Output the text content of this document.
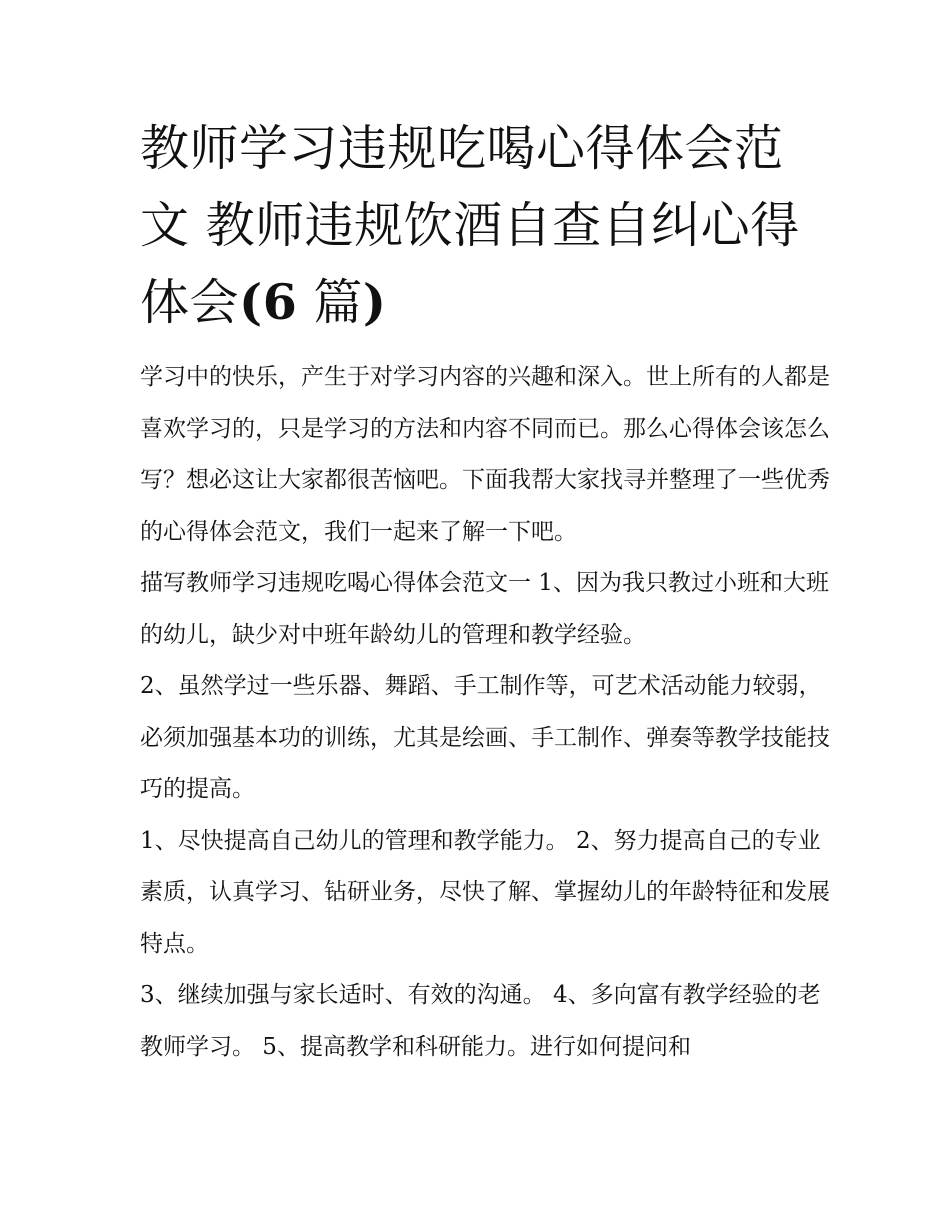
教师学习违规吃喝心得体会范
文 教师违规饮酒自查自纠心得
体会(6 篇)

学习中的快乐，产生于对学习内容的兴趣和深入。世上所有的人都是喜欢学习的，只是学习的方法和内容不同而已。那么心得体会该怎么写？想必这让大家都很苦恼吧。下面我帮大家找寻并整理了一些优秀的心得体会范文，我们一起来了解一下吧。

描写教师学习违规吃喝心得体会范文一 1、因为我只教过小班和大班的幼儿，缺少对中班年龄幼儿的管理和教学经验。

2、虽然学过一些乐器、舞蹈、手工制作等，可艺术活动能力较弱，必须加强基本功的训练，尤其是绘画、手工制作、弹奏等教学技能技巧的提高。

1、尽快提高自己幼儿的管理和教学能力。 2、努力提高自己的专业素质，认真学习、钻研业务，尽快了解、掌握幼儿的年龄特征和发展特点。

3、继续加强与家长适时、有效的沟通。 4、多向富有教学经验的老教师学习。 5、提高教学和科研能力。进行如何提问和
